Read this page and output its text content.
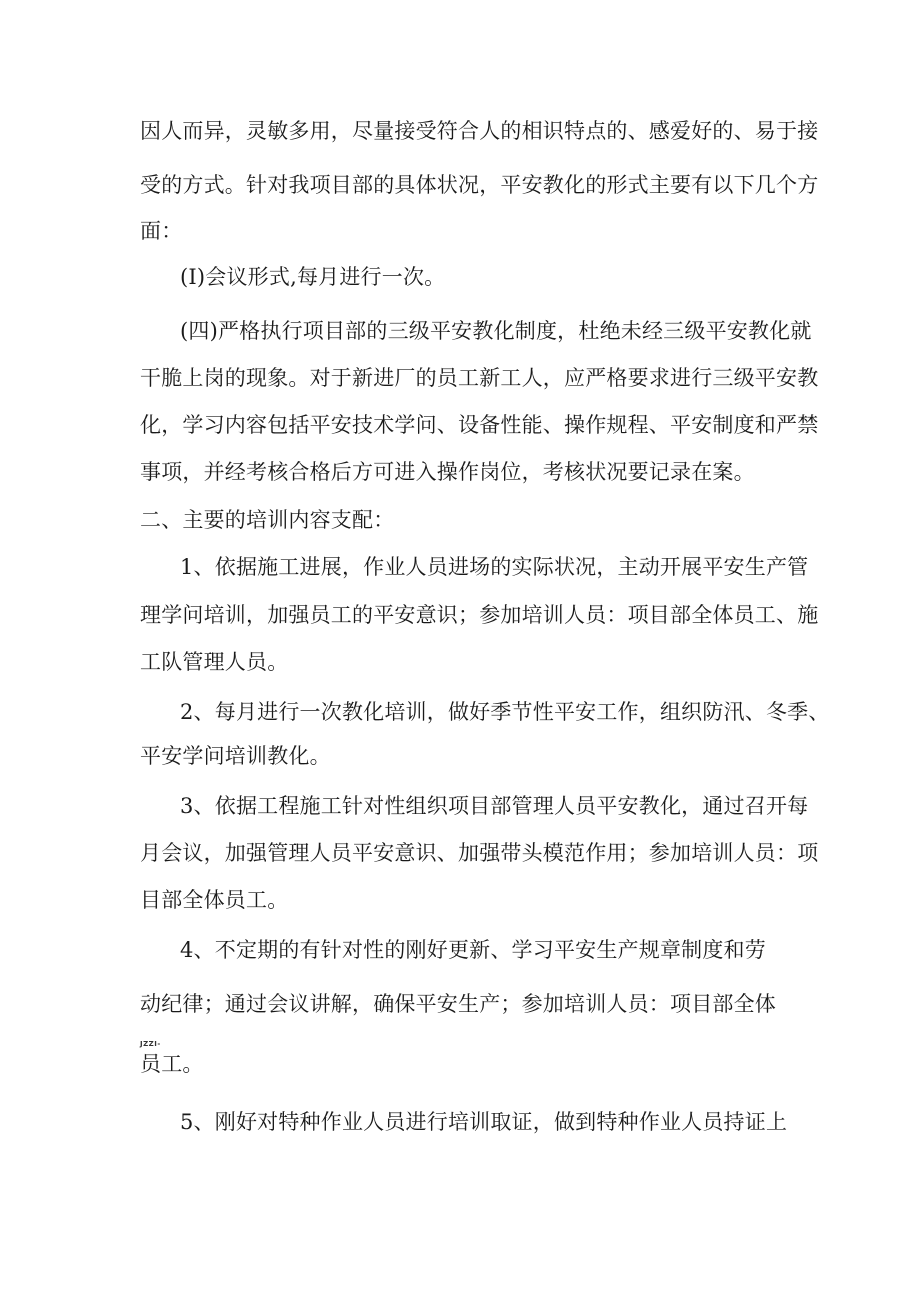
因人而异，灵敏多用，尽量接受符合人的相识特点的、感爱好的、易于接
受的方式。针对我项目部的具体状况，平安教化的形式主要有以下几个方
面：
(I)会议形式,每月进行一次。
(四)严格执行项目部的三级平安教化制度，杜绝未经三级平安教化就
干脆上岗的现象。对于新进厂的员工新工人，应严格要求进行三级平安教
化，学习内容包括平安技术学问、设备性能、操作规程、平安制度和严禁
事项，并经考核合格后方可进入操作岗位，考核状况要记录在案。
二、主要的培训内容支配：
1、依据施工进展，作业人员进场的实际状况，主动开展平安生产管
理学问培训，加强员工的平安意识；参加培训人员：项目部全体员工、施
工队管理人员。
2、每月进行一次教化培训，做好季节性平安工作，组织防汛、冬季、
平安学问培训教化。
3、依据工程施工针对性组织项目部管理人员平安教化，通过召开每
月会议，加强管理人员平安意识、加强带头模范作用；参加培训人员：项
目部全体员工。
4、不定期的有针对性的刚好更新、学习平安生产规章制度和劳
动纪律；通过会议讲解，确保平安生产；参加培训人员：项目部全体
JZZI-
员工。
5、刚好对特种作业人员进行培训取证，做到特种作业人员持证上
